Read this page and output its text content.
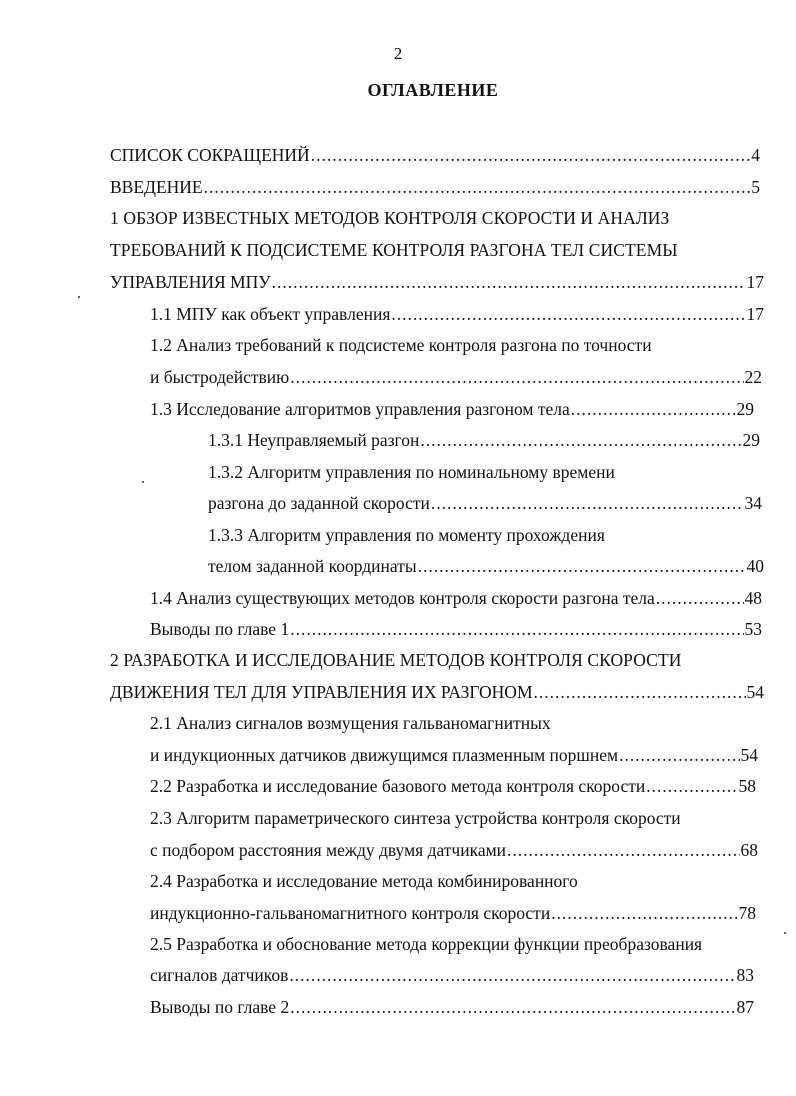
2
ОГЛАВЛЕНИЕ
СПИСОК СОКРАЩЕНИЙ .....	4
ВВЕДЕНИЕ .....	5
1 ОБЗОР ИЗВЕСТНЫХ МЕТОДОВ КОНТРОЛЯ СКОРОСТИ И АНАЛИЗ
ТРЕБОВАНИЙ К ПОДСИСТЕМЕ КОНТРОЛЯ РАЗГОНА ТЕЛ СИСТЕМЫ
УПРАВЛЕНИЯ МПУ .....	17
1.1 МПУ как объект управления .....	17
1.2 Анализ требований к подсистеме контроля разгона по точности
и быстродействию .....	22
1.3 Исследование алгоритмов управления разгоном тела .....	29
1.3.1 Неуправляемый разгон .....	29
1.3.2 Алгоритм управления по номинальному времени
разгона до заданной скорости .....	34
1.3.3 Алгоритм управления по моменту прохождения
телом заданной координаты .....	40
1.4 Анализ существующих методов контроля скорости разгона тела .....	48
Выводы по главе 1 .....	53
2 РАЗРАБОТКА И ИССЛЕДОВАНИЕ МЕТОДОВ КОНТРОЛЯ СКОРОСТИ
ДВИЖЕНИЯ ТЕЛ ДЛЯ УПРАВЛЕНИЯ ИХ РАЗГОНОМ .....	54
2.1 Анализ сигналов возмущения гальваномагнитных
и индукционных датчиков движущимся плазменным поршнем .....	54
2.2 Разработка и исследование базового метода контроля скорости .....	58
2.3 Алгоритм параметрического синтеза устройства контроля скорости
с подбором расстояния между двумя датчиками .....	68
2.4 Разработка и исследование метода комбинированного
индукционно-гальваномагнитного контроля скорости .....	78
2.5 Разработка и обоснование метода коррекции функции преобразования
сигналов датчиков .....	83
Выводы по главе 2 .....	87
